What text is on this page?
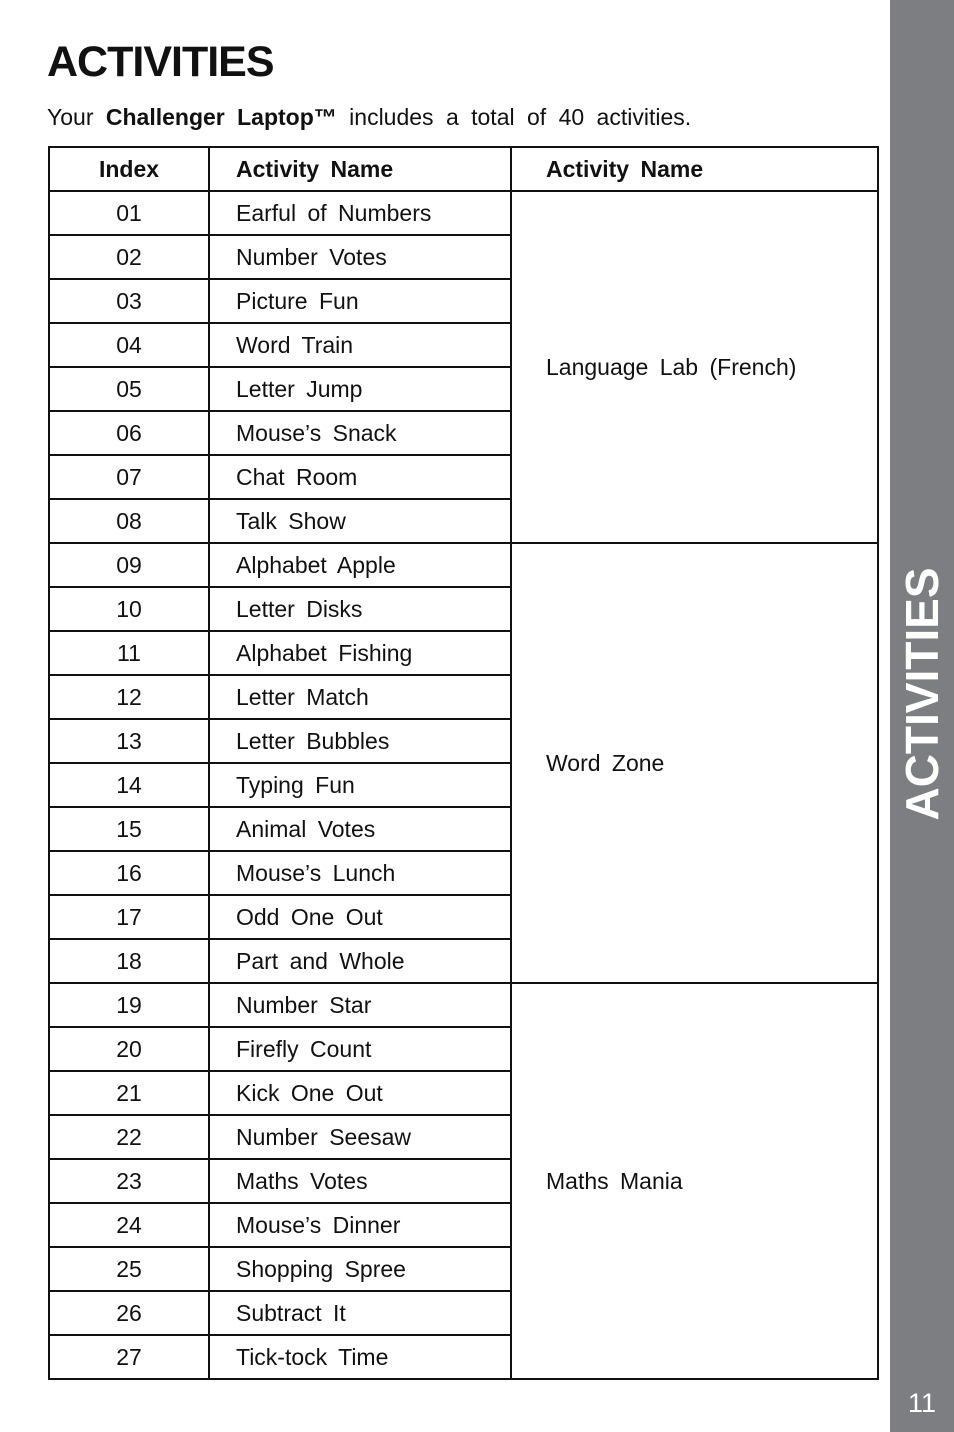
ACTIVITIES
11
ACTIVITIES

Your Challenger Laptop™ includes a total of 40 activities.

Index	Activity Name	Activity Name
01	Earful of Numbers	Language Lab (French)
02	Number Votes	
03	Picture Fun	
04	Word Train	
05	Letter Jump	
06	Mouse’s Snack	
07	Chat Room	
08	Talk Show	
09	Alphabet Apple	Word Zone
10	Letter Disks	
11	Alphabet Fishing	
12	Letter Match	
13	Letter Bubbles	
14	Typing Fun	
15	Animal Votes	
16	Mouse’s Lunch	
17	Odd One Out	
18	Part and Whole	
19	Number Star	Maths Mania
20	Firefly Count	
21	Kick One Out	
22	Number Seesaw	
23	Maths Votes	
24	Mouse’s Dinner	
25	Shopping Spree	
26	Subtract It	
27	Tick-tock Time	
